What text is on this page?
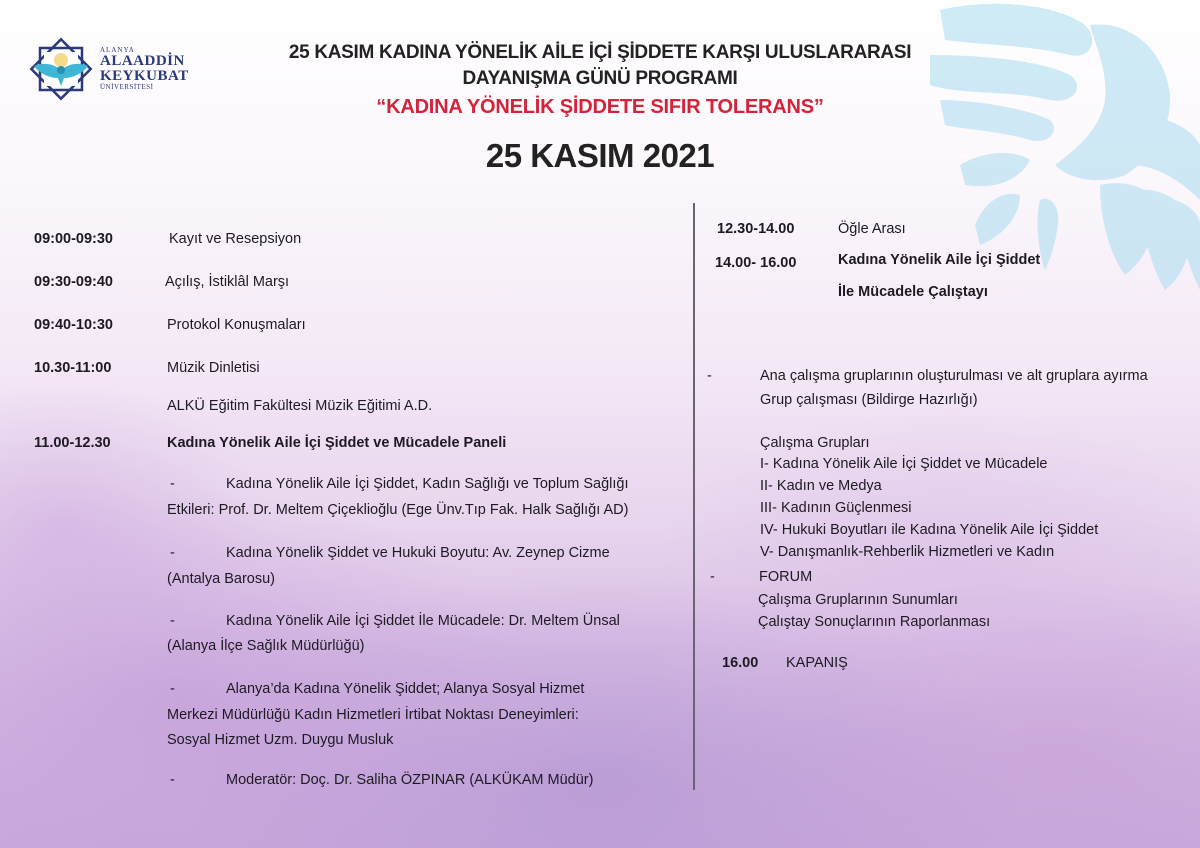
ALANYA
ALAADDİN
KEYKUBAT
ÜNİVERSİTESİ
25 KASIM KADINA YÖNELİK AİLE İÇİ ŞİDDETE KARŞI ULUSLARARASI
DAYANIŞMA GÜNÜ PROGRAMI
“KADINA YÖNELİK ŞİDDETE SIFIR TOLERANS”
25 KASIM 2021
09:00-09:30	Kayıt ve Resepsiyon
09:30-09:40	Açılış, İstiklâl Marşı
09:40-10:30	Protokol Konuşmaları
10.30-11:00	Müzik Dinletisi
ALKÜ Eğitim Fakültesi Müzik Eğitimi A.D.
11.00-12.30	Kadına Yönelik Aile İçi Şiddet ve Mücadele Paneli
-	Kadına Yönelik Aile İçi Şiddet, Kadın Sağlığı ve Toplum Sağlığı
Etkileri: Prof. Dr. Meltem Çiçeklioğlu (Ege Ünv.Tıp Fak. Halk Sağlığı AD)
-	Kadına Yönelik Şiddet ve Hukuki Boyutu: Av. Zeynep Cizme
(Antalya Barosu)
-	Kadına Yönelik Aile İçi Şiddet İle Mücadele: Dr. Meltem Ünsal
(Alanya İlçe Sağlık Müdürlüğü)
-	Alanya’da Kadına Yönelik Şiddet; Alanya Sosyal Hizmet
Merkezi Müdürlüğü Kadın Hizmetleri İrtibat Noktası Deneyimleri:
Sosyal Hizmet Uzm. Duygu Musluk
-	Moderatör: Doç. Dr. Saliha ÖZPINAR (ALKÜKAM Müdür)
12.30-14.00	Öğle Arası
14.00- 16.00	Kadına Yönelik Aile İçi Şiddet
İle Mücadele Çalıştayı
-	Ana çalışma gruplarının oluşturulması ve alt gruplara ayırma
Grup çalışması (Bildirge Hazırlığı)
Çalışma Grupları
I- Kadına Yönelik Aile İçi Şiddet ve Mücadele
II- Kadın ve Medya
III- Kadının Güçlenmesi
IV- Hukuki Boyutları ile Kadına Yönelik Aile İçi Şiddet
V- Danışmanlık-Rehberlik Hizmetleri ve Kadın
-	FORUM
Çalışma Gruplarının Sunumları
Çalıştay Sonuçlarının Raporlanması
16.00 KAPANIŞ
